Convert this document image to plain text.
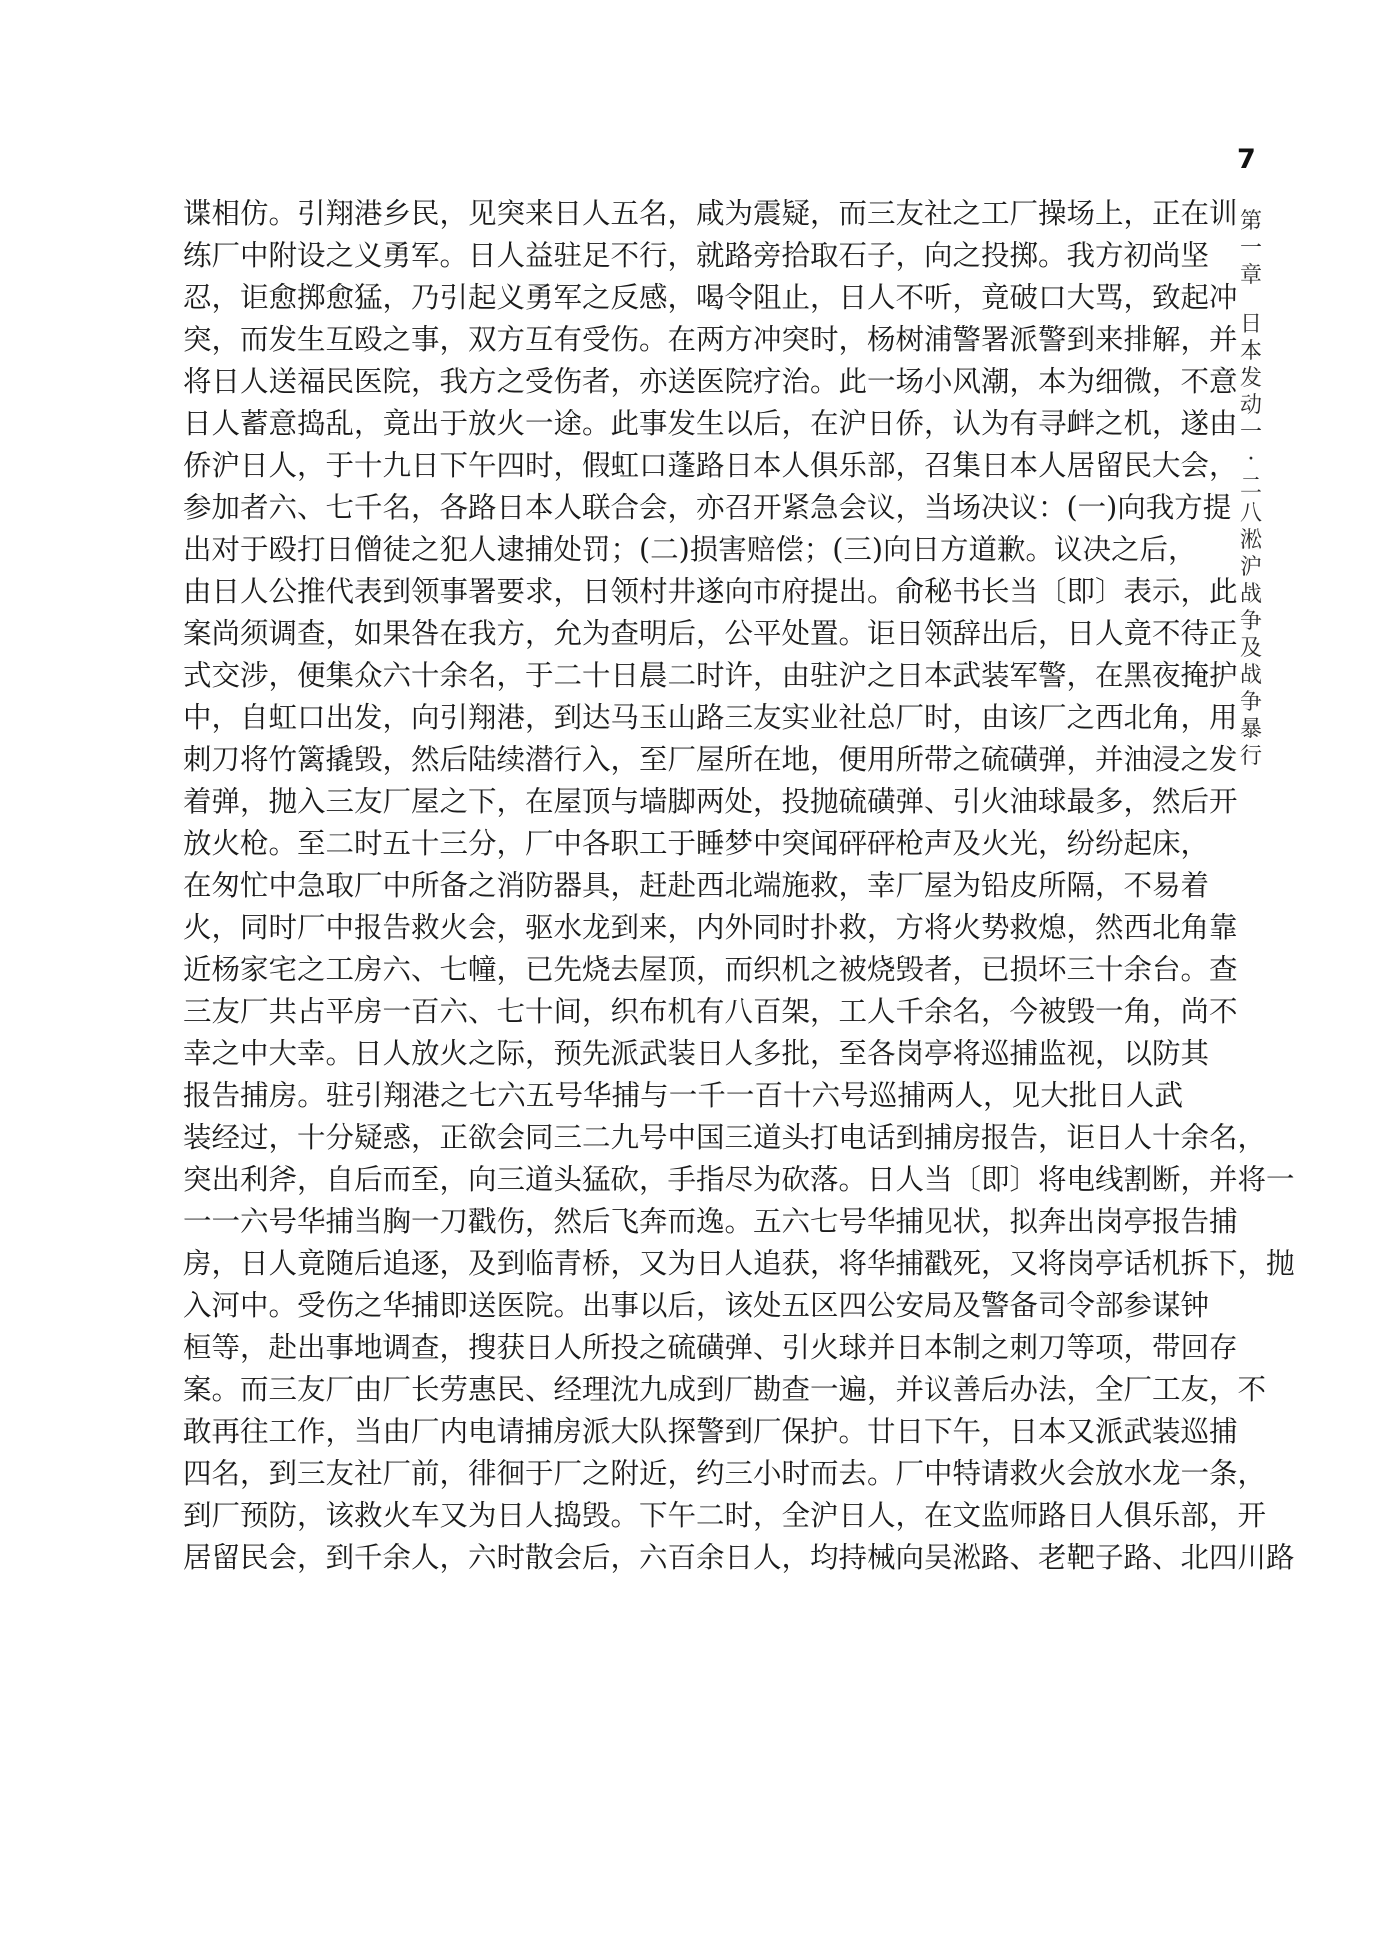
7
第
一
章
日
本
发
动
一
·
二
八
淞
沪
战
争
及
战
争
暴
行
谍相仿。引翔港乡民，见突来日人五名，咸为震疑，而三友社之工厂操场上，正在训
练厂中附设之义勇军。日人益驻足不行，就路旁拾取石子，向之投掷。我方初尚坚
忍，讵愈掷愈猛，乃引起义勇军之反感，喝令阻止，日人不听，竟破口大骂，致起冲
突，而发生互殴之事，双方互有受伤。在两方冲突时，杨树浦警署派警到来排解，并
将日人送福民医院，我方之受伤者，亦送医院疗治。此一场小风潮，本为细微，不意
日人蓄意捣乱，竟出于放火一途。此事发生以后，在沪日侨，认为有寻衅之机，遂由
侨沪日人，于十九日下午四时，假虹口蓬路日本人俱乐部，召集日本人居留民大会，
参加者六、七千名，各路日本人联合会，亦召开紧急会议，当场决议：(一)向我方提
出对于殴打日僧徒之犯人逮捕处罚；(二)损害赔偿；(三)向日方道歉。议决之后，
由日人公推代表到领事署要求，日领村井遂向市府提出。俞秘书长当〔即〕表示，此
案尚须调查，如果咎在我方，允为查明后，公平处置。讵日领辞出后，日人竟不待正
式交涉，便集众六十余名，于二十日晨二时许，由驻沪之日本武装军警，在黑夜掩护
中，自虹口出发，向引翔港，到达马玉山路三友实业社总厂时，由该厂之西北角，用
刺刀将竹篱撬毁，然后陆续潜行入，至厂屋所在地，便用所带之硫磺弹，并油浸之发
着弹，抛入三友厂屋之下，在屋顶与墙脚两处，投抛硫磺弹、引火油球最多，然后开
放火枪。至二时五十三分，厂中各职工于睡梦中突闻砰砰枪声及火光，纷纷起床，
在匆忙中急取厂中所备之消防器具，赶赴西北端施救，幸厂屋为铅皮所隔，不易着
火，同时厂中报告救火会，驱水龙到来，内外同时扑救，方将火势救熄，然西北角靠
近杨家宅之工房六、七幢，已先烧去屋顶，而织机之被烧毁者，已损坏三十余台。查
三友厂共占平房一百六、七十间，织布机有八百架，工人千余名，今被毁一角，尚不
幸之中大幸。日人放火之际，预先派武装日人多批，至各岗亭将巡捕监视，以防其
报告捕房。驻引翔港之七六五号华捕与一千一百十六号巡捕两人，见大批日人武
装经过，十分疑惑，正欲会同三二九号中国三道头打电话到捕房报告，讵日人十余名，
突出利斧，自后而至，向三道头猛砍，手指尽为砍落。日人当〔即〕将电线割断，并将一
一一六号华捕当胸一刀戳伤，然后飞奔而逸。五六七号华捕见状，拟奔出岗亭报告捕
房，日人竟随后追逐，及到临青桥，又为日人追获，将华捕戳死，又将岗亭话机拆下，抛
入河中。受伤之华捕即送医院。出事以后，该处五区四公安局及警备司令部参谋钟
桓等，赴出事地调查，搜获日人所投之硫磺弹、引火球并日本制之刺刀等项，带回存
案。而三友厂由厂长劳惠民、经理沈九成到厂勘查一遍，并议善后办法，全厂工友，不
敢再往工作，当由厂内电请捕房派大队探警到厂保护。廿日下午，日本又派武装巡捕
四名，到三友社厂前，徘徊于厂之附近，约三小时而去。厂中特请救火会放水龙一条，
到厂预防，该救火车又为日人捣毁。下午二时，全沪日人，在文监师路日人俱乐部，开
居留民会，到千余人，六时散会后，六百余日人，均持械向吴淞路、老靶子路、北四川路
